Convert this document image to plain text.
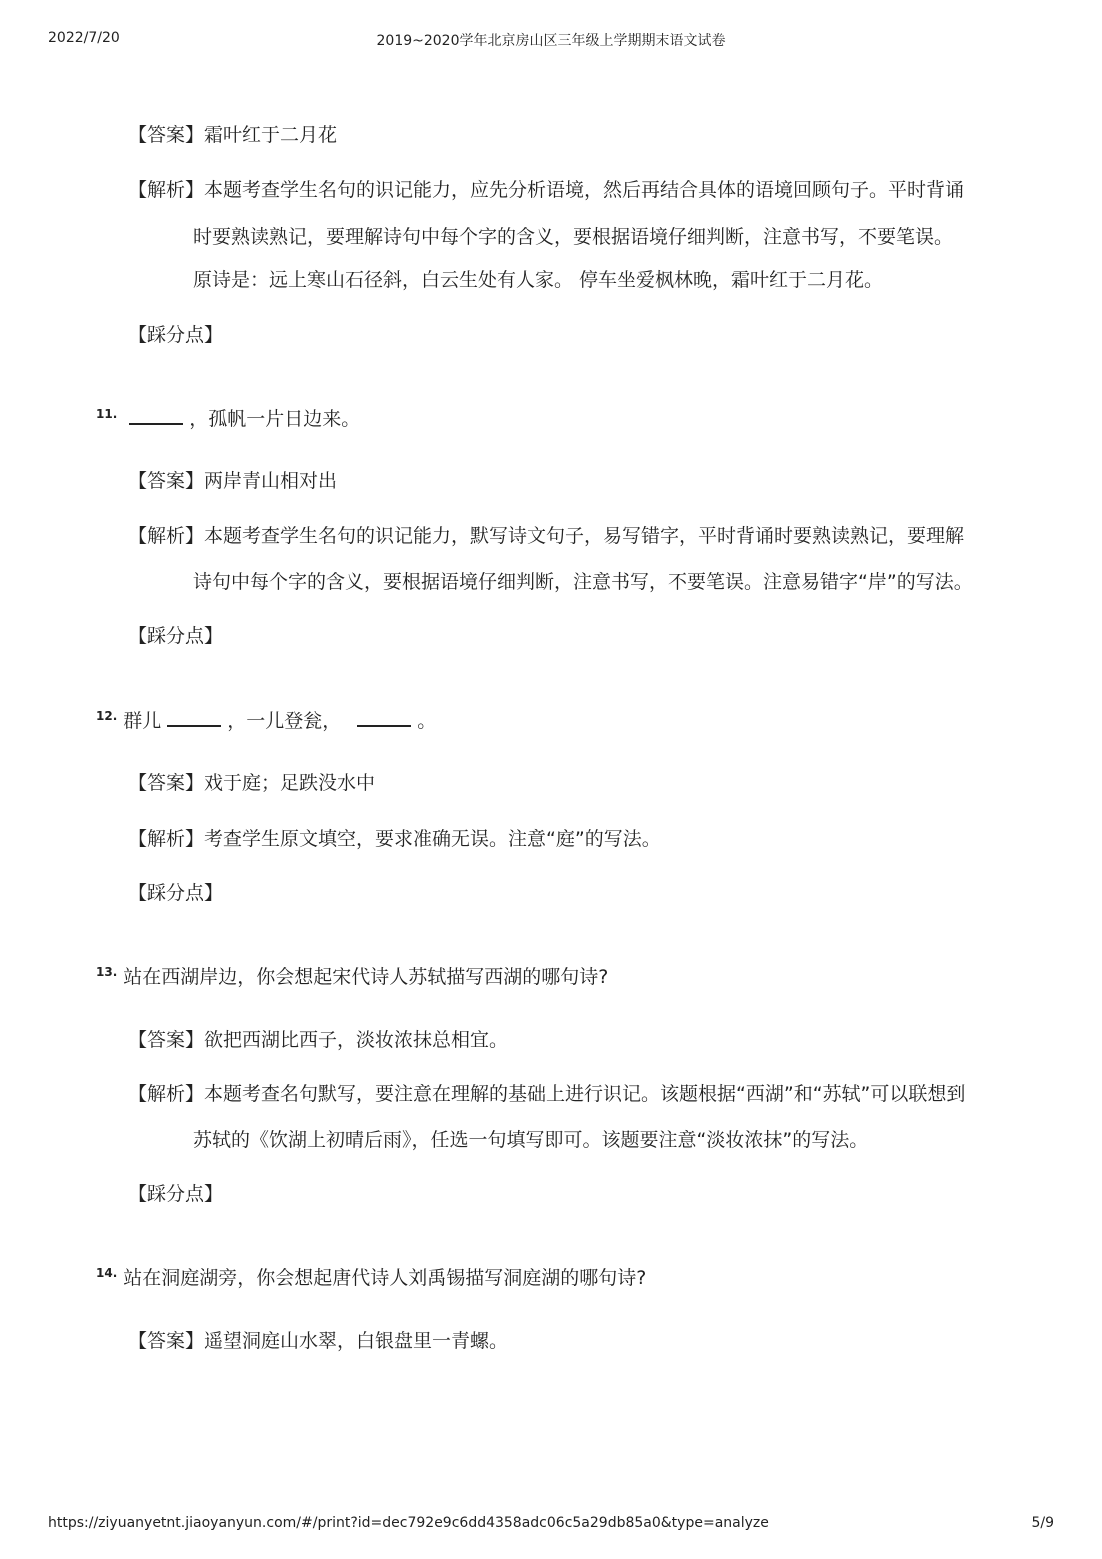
2022/7/20	2019~2020学年北京房山区三年级上学期期末语文试卷
【答案】霜叶红于二月花
【解析】本题考查学生名句的识记能力，应先分析语境，然后再结合具体的语境回顾句子。平时背诵
时要熟读熟记，要理解诗句中每个字的含义，要根据语境仔细判断，注意书写，不要笔误。
原诗是：远上寒山石径斜，白云生处有人家。 停车坐爱枫林晚，霜叶红于二月花。
【踩分点】
11.	，孤帆一片日边来。
【答案】两岸青山相对出
【解析】本题考查学生名句的识记能力，默写诗文句子，易写错字，平时背诵时要熟读熟记，要理解
诗句中每个字的含义，要根据语境仔细判断，注意书写，不要笔误。注意易错字“岸”的写法。
【踩分点】
12. 群儿	，一儿登瓮，	。
【答案】戏于庭；足跌没水中
【解析】考查学生原文填空，要求准确无误。注意“庭”的写法。
【踩分点】
13. 站在西湖岸边，你会想起宋代诗人苏轼描写西湖的哪句诗?
【答案】欲把西湖比西子，淡妆浓抹总相宜。
【解析】本题考查名句默写，要注意在理解的基础上进行识记。该题根据“西湖”和“苏轼”可以联想到
苏轼的《饮湖上初晴后雨》，任选一句填写即可。该题要注意“淡妆浓抹”的写法。
【踩分点】
14. 站在洞庭湖旁，你会想起唐代诗人刘禹锡描写洞庭湖的哪句诗?
【答案】遥望洞庭山水翠，白银盘里一青螺。
https://ziyuanyetnt.jiaoyanyun.com/#/print?id=dec792e9c6dd4358adc06c5a29db85a0&type=analyze	5/9
